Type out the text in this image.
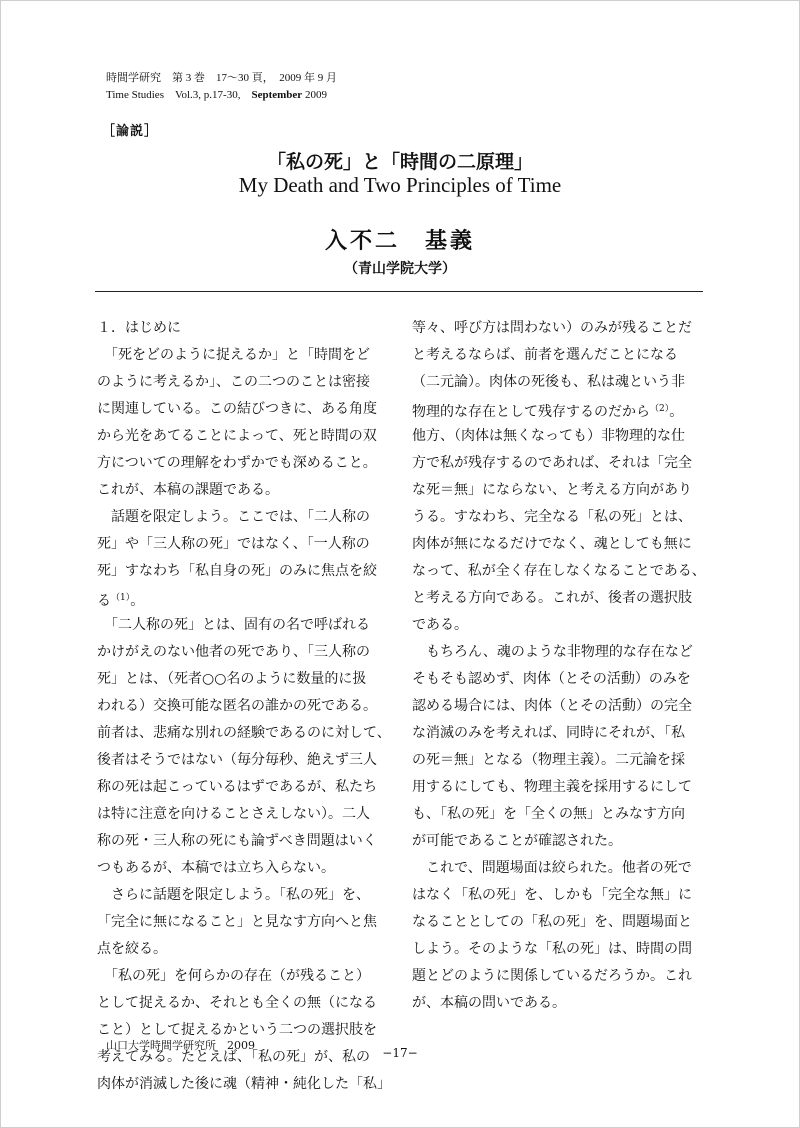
時間学研究　第 3 巻　17〜30 頁，　2009 年 9 月
Time Studies　Vol.3, p.17-30,　September 2009
［論説］
「私の死」と「時間の二原理」
My Death and Two Principles of Time
入不二　基義
（青山学院大学）
１．はじめに
　「死をどのように捉えるか」と「時間をど
のように考えるか」、この二つのことは密接
に関連している。この結びつきに、ある角度
から光をあてることによって、死と時間の双
方についての理解をわずかでも深めること。
これが、本稿の課題である。
　話題を限定しよう。ここでは、「二人称の
死」や「三人称の死」ではなく、「一人称の
死」すなわち「私自身の死」のみに焦点を絞
る$^{(1)}$。
　「二人称の死」とは、固有の名で呼ばれる
かけがえのない他者の死であり、「三人称の
死」とは、（死者○○名のように数量的に扱
われる）交換可能な匿名の誰かの死である。
前者は、悲痛な別れの経験であるのに対して、
後者はそうではない（毎分毎秒、絶えず三人
称の死は起こっているはずであるが、私たち
は特に注意を向けることさえしない）。二人
称の死・三人称の死にも論ずべき問題はいく
つもあるが、本稿では立ち入らない。
　さらに話題を限定しよう。「私の死」を、
「完全に無になること」と見なす方向へと焦
点を絞る。
　「私の死」を何らかの存在（が残ること）
として捉えるか、それとも全くの無（になる
こと）として捉えるかという二つの選択肢を
考えてみる。たとえば、「私の死」が、私の
肉体が消滅した後に魂（精神・純化した「私」
等々、呼び方は問わない）のみが残ることだ
と考えるならば、前者を選んだことになる
（二元論）。肉体の死後も、私は魂という非
物理的な存在として残存するのだから$^{(2)}$。
他方、（肉体は無くなっても）非物理的な仕
方で私が残存するのであれば、それは「完全
な死＝無」にならない、と考える方向があり
うる。すなわち、完全なる「私の死」とは、
肉体が無になるだけでなく、魂としても無に
なって、私が全く存在しなくなることである、
と考える方向である。これが、後者の選択肢
である。
　もちろん、魂のような非物理的な存在など
そもそも認めず、肉体（とその活動）のみを
認める場合には、肉体（とその活動）の完全
な消滅のみを考えれば、同時にそれが、「私
の死＝無」となる（物理主義）。二元論を採
用するにしても、物理主義を採用するにして
も、「私の死」を「全くの無」とみなす方向
が可能であることが確認された。
　これで、問題場面は絞られた。他者の死で
はなく「私の死」を、しかも「完全な無」に
なることとしての「私の死」を、問題場面と
しよう。そのような「私の死」は、時間の問
題とどのように関係しているだろうか。これ
が、本稿の問いである。
山口大学時間学研究所　2009
−17−
